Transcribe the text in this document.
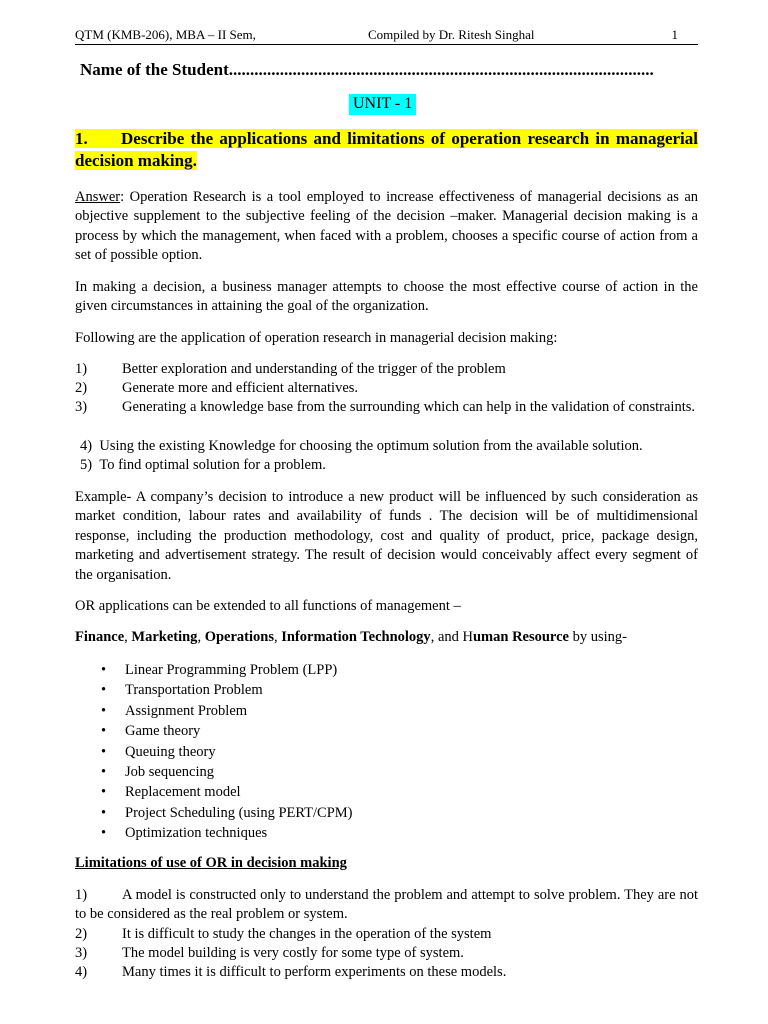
QTM (KMB-206), MBA – II Sem,	Compiled by Dr. Ritesh Singhal	1
Name of the Student....................................................................................................
UNIT - 1

1. Describe the applications and limitations of operation research in managerial decision making.

Answer: Operation Research is a tool employed to increase effectiveness of managerial decisions as an objective supplement to the subjective feeling of the decision –maker. Managerial decision making is a process by which the management, when faced with a problem, chooses a specific course of action from a set of possible option.

In making a decision, a business manager attempts to choose the most effective course of action in the given circumstances in attaining the goal of the organization.

Following are the application of operation research in managerial decision making:

1) Better exploration and understanding of the trigger of the problem
2) Generate more and efficient alternatives.
3) Generating a knowledge base from the surrounding which can help in the validation of constraints.
4) Using the existing Knowledge for choosing the optimum solution from the available solution.
5) To find optimal solution for a problem.

Example- A company’s decision to introduce a new product will be influenced by such consideration as market condition, labour rates and availability of funds . The decision will be of multidimensional response, including the production methodology, cost and quality of product, price, package design, marketing and advertisement strategy. The result of decision would conceivably affect every segment of the organisation.

OR applications can be extended to all functions of management –

Finance, Marketing, Operations, Information Technology, and Human Resource by using-

• Linear Programming Problem (LPP)
• Transportation Problem
• Assignment Problem
• Game theory
• Queuing theory
• Job sequencing
• Replacement model
• Project Scheduling (using PERT/CPM)
• Optimization techniques
Limitations of use of OR in decision making
1) A model is constructed only to understand the problem and attempt to solve problem. They are not to be considered as the real problem or system.
2) It is difficult to study the changes in the operation of the system
3) The model building is very costly for some type of system.
4) Many times it is difficult to perform experiments on these models.
